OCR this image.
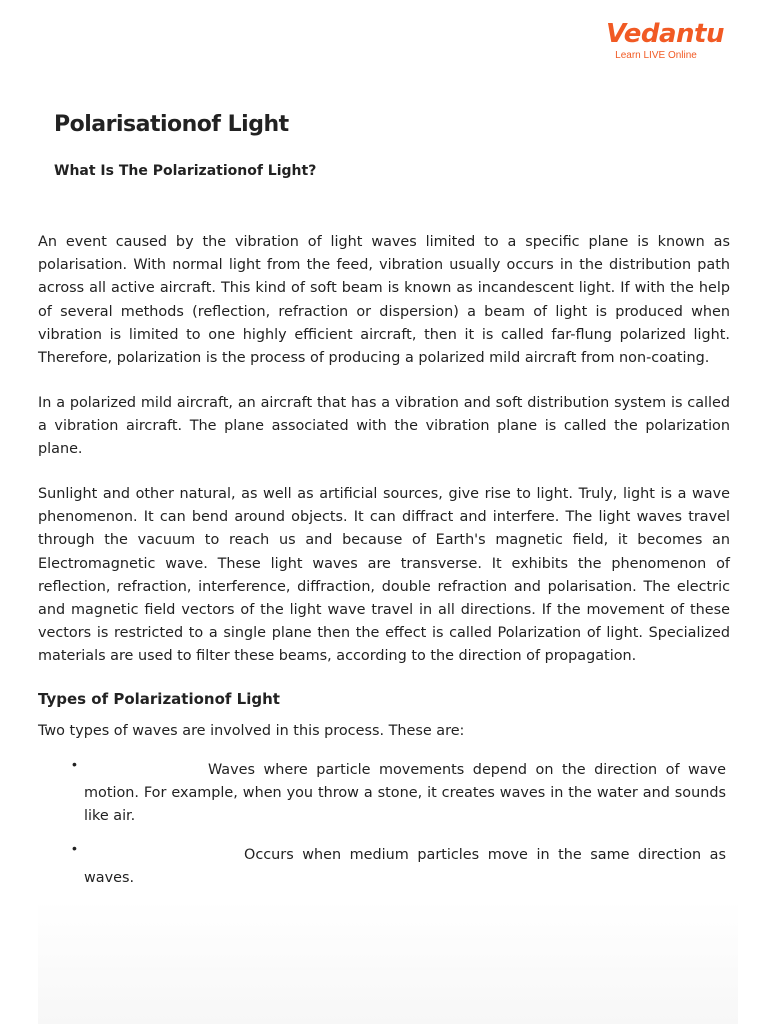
Vedantu
Learn LIVE Online
Polarisationof Light
What Is The Polarizationof Light?

An event caused by the vibration of light waves limited to a specific plane is known as polarisation. With normal light from the feed, vibration usually occurs in the distribution path across all active aircraft. This kind of soft beam is known as incandescent light. If with the help of several methods (reflection, refraction or dispersion) a beam of light is produced when vibration is limited to one highly efficient aircraft, then it is called far-flung polarized light. Therefore, polarization is the process of producing a polarized mild aircraft from non-coating.

In a polarized mild aircraft, an aircraft that has a vibration and soft distribution system is called a vibration aircraft. The plane associated with the vibration plane is called the polarization plane.

Sunlight and other natural, as well as artificial sources, give rise to light. Truly, light is a wave phenomenon. It can bend around objects. It can diffract and interfere. The light waves travel through the vacuum to reach us and because of Earth's magnetic field, it becomes an Electromagnetic wave. These light waves are transverse. It exhibits the phenomenon of reflection, refraction, interference, diffraction, double refraction and polarisation. The electric and magnetic field vectors of the light wave travel in all directions. If the movement of these vectors is restricted to a single plane then the effect is called Polarization of light. Specialized materials are used to filter these beams, according to the direction of propagation.

Types of Polarizationof Light

Two types of waves are involved in this process. These are:

•	Waves where particle movements depend on the direction of wave motion. For example, when you throw a stone, it creates waves in the water and sounds like air.

•	Occurs when medium particles move in the same direction as waves.
